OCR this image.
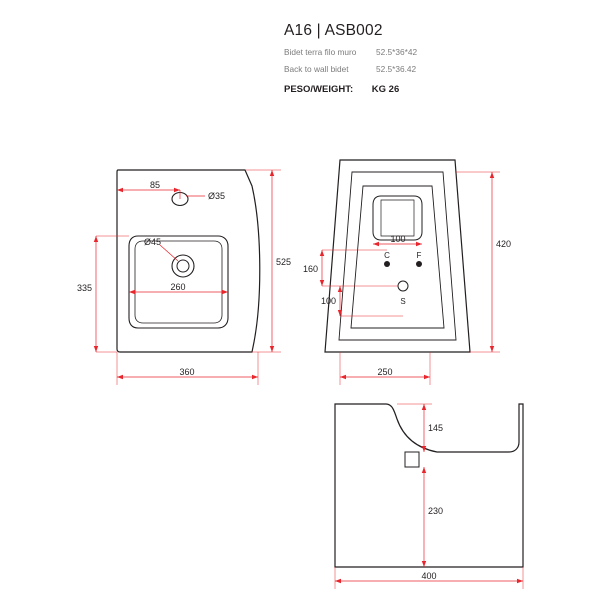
A16 | ASB002
Bidet terra filo muro	52.5*36*42
Back to wall bidet	52.5*36.42
PESO/WEIGHT: KG 26
85
Ø35
Ø45
260
335
525
360
C	F
S
100
160
100
420
250
145
230
400
